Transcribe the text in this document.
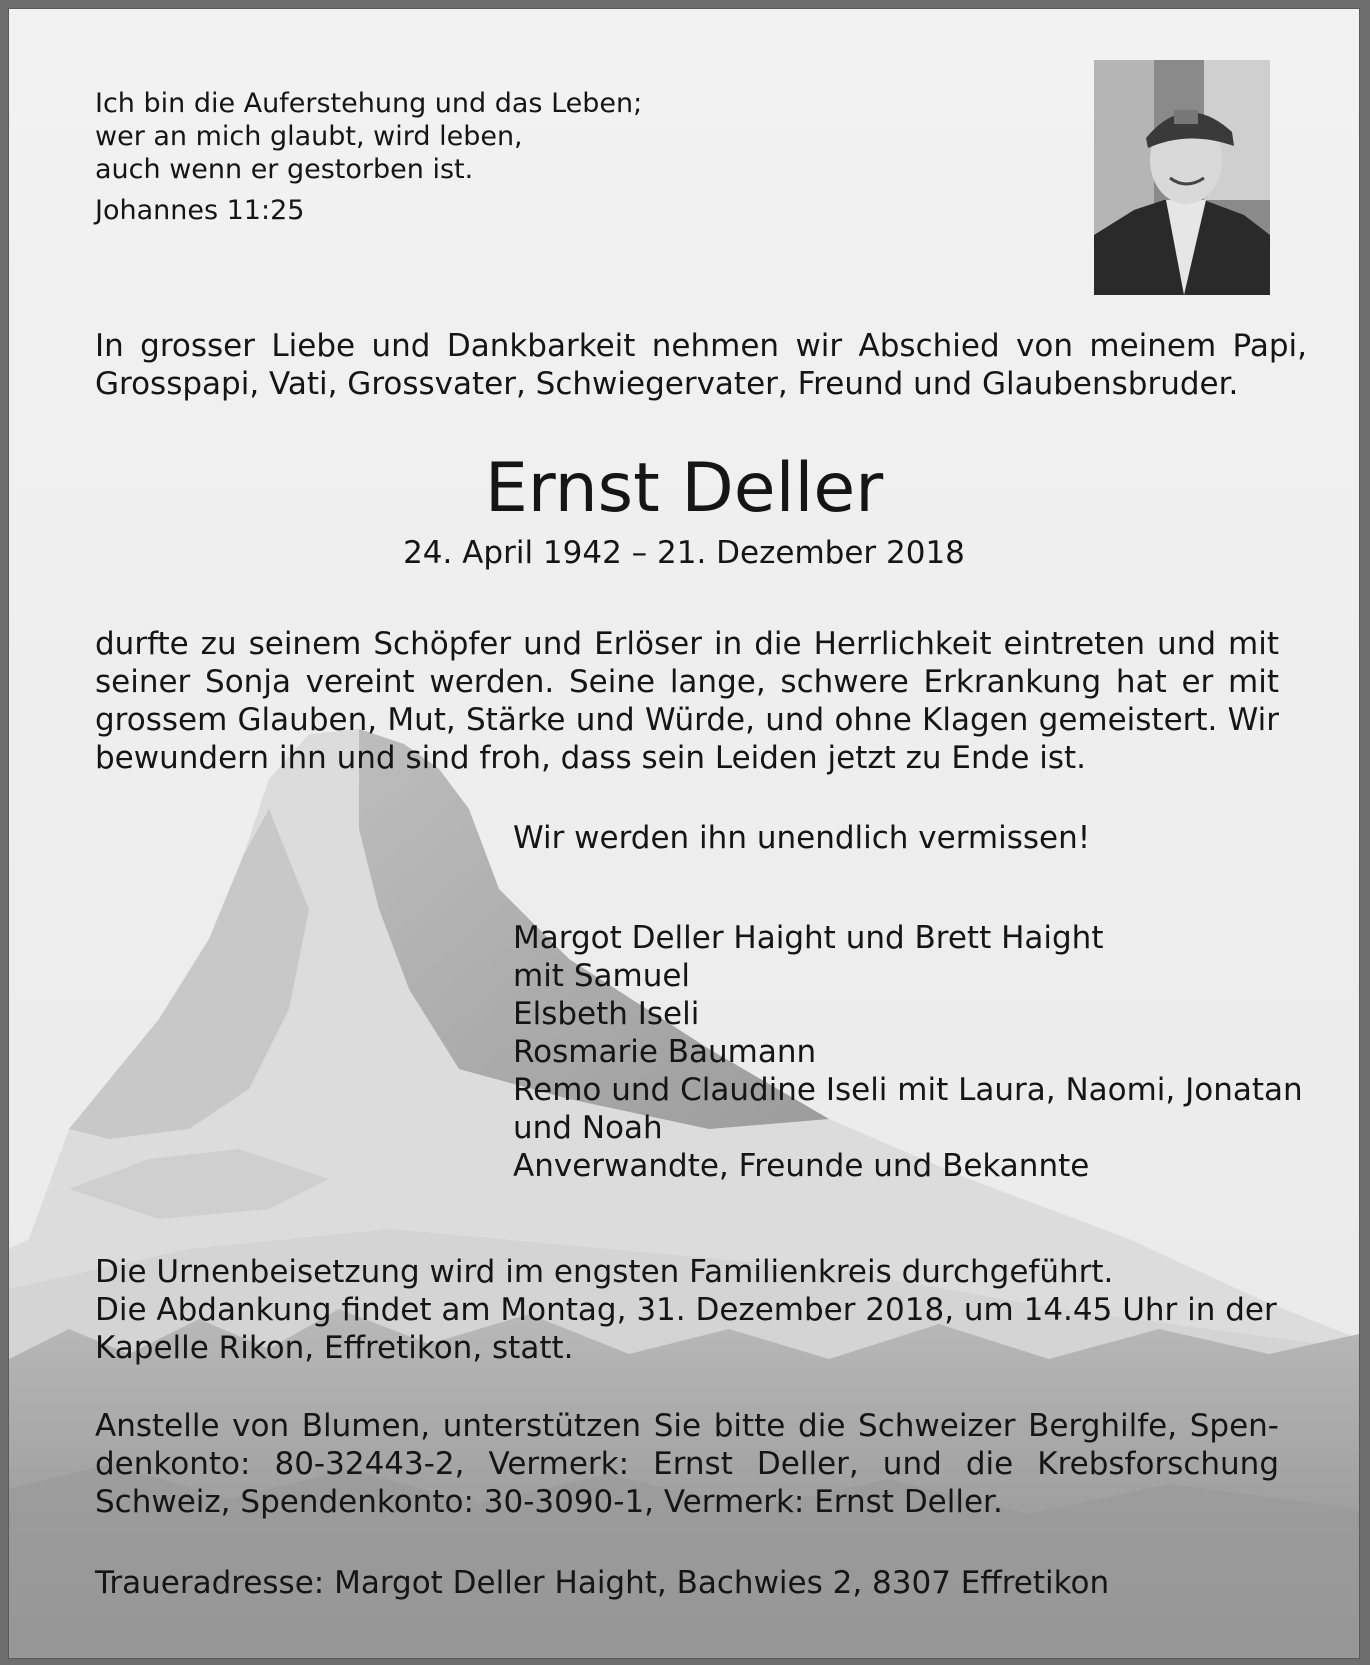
Ich bin die Auferstehung und das Leben;
wer an mich glaubt, wird leben,
auch wenn er gestorben ist.

Johannes 11:25

In grosser Liebe und Dankbarkeit nehmen wir Abschied von meinem Papi, Grosspapi, Vati, Grossvater, Schwiegervater, Freund und Glaubensbruder.

Ernst Deller

24. April 1942 – 21. Dezember 2018

durfte zu seinem Schöpfer und Erlöser in die Herrlichkeit eintreten und mit seiner Sonja vereint werden. Seine lange, schwere Erkrankung hat er mit grossem Glauben, Mut, Stärke und Würde, und ohne Klagen gemeistert. Wir bewundern ihn und sind froh, dass sein Leiden jetzt zu Ende ist.

Wir werden ihn unendlich vermissen!

Margot Deller Haight und Brett Haight
mit Samuel
Elsbeth Iseli
Rosmarie Baumann
Remo und Claudine Iseli mit Laura, Naomi, Jonatan
und Noah
Anverwandte, Freunde und Bekannte

Die Urnenbeisetzung wird im engsten Familienkreis durchgeführt.
Die Abdankung findet am Montag, 31. Dezember 2018, um 14.45 Uhr in der
Kapelle Rikon, Effretikon, statt.

Anstelle von Blumen, unterstützen Sie bitte die Schweizer Berghilfe, Spen-denkonto: 80-32443-2, Vermerk: Ernst Deller, und die Krebsforschung Schweiz, Spendenkonto: 30-3090-1, Vermerk: Ernst Deller.

Traueradresse: Margot Deller Haight, Bachwies 2, 8307 Effretikon
